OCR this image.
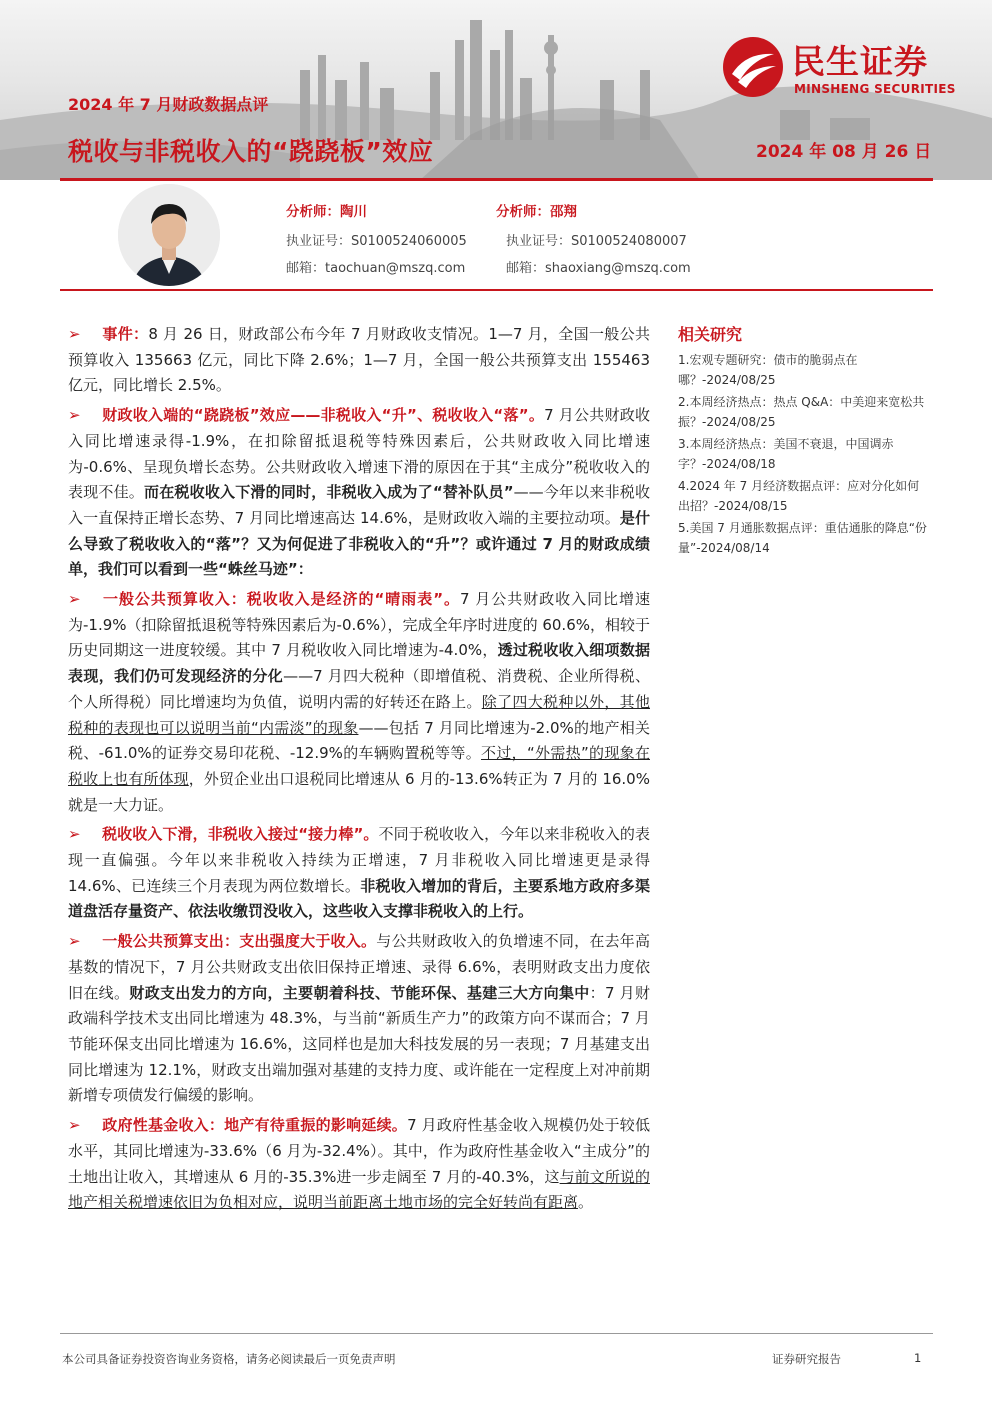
2024 年 7 月财政数据点评
税收与非税收入的“跷跷板”效应	2024 年 08 月 26 日
民生证券
MINSHENG SECURITIES
分析师：陶川
执业证号：S0100524060005
邮箱：taochuan@mszq.com
分析师：邵翔
执业证号：S0100524080007
邮箱：shaoxiang@mszq.com

➢ 事件：8 月 26 日，财政部公布今年 7 月财政收支情况。1—7 月，全国一般公共预算收入 135663 亿元，同比下降 2.6%；1—7 月，全国一般公共预算支出 155463 亿元，同比增长 2.5%。

➢ 财政收入端的“跷跷板”效应——非税收入“升”、税收收入“落”。7 月公共财政收入同比增速录得-1.9%，在扣除留抵退税等特殊因素后，公共财政收入同比增速为-0.6%、呈现负增长态势。公共财政收入增速下滑的原因在于其“主成分”税收收入的表现不佳。而在税收收入下滑的同时，非税收入成为了“替补队员”——今年以来非税收入一直保持正增长态势、7 月同比增速高达 14.6%，是财政收入端的主要拉动项。是什么导致了税收收入的“落”？又为何促进了非税收入的“升”？或许通过 7 月的财政成绩单，我们可以看到一些“蛛丝马迹”：

➢ 一般公共预算收入：税收收入是经济的“晴雨表”。7 月公共财政收入同比增速为-1.9%（扣除留抵退税等特殊因素后为-0.6%），完成全年序时进度的 60.6%，相较于历史同期这一进度较缓。其中 7 月税收收入同比增速为-4.0%，透过税收收入细项数据表现，我们仍可发现经济的分化——7 月四大税种（即增值税、消费税、企业所得税、个人所得税）同比增速均为负值，说明内需的好转还在路上。除了四大税种以外，其他税种的表现也可以说明当前“内需淡”的现象——包括 7 月同比增速为-2.0%的地产相关税、-61.0%的证券交易印花税、-12.9%的车辆购置税等等。不过，“外需热”的现象在税收上也有所体现，外贸企业出口退税同比增速从 6 月的-13.6%转正为 7 月的 16.0%就是一大力证。

➢ 税收收入下滑，非税收入接过“接力棒”。不同于税收收入，今年以来非税收入的表现一直偏强。今年以来非税收入持续为正增速，7 月非税收入同比增速更是录得 14.6%、已连续三个月表现为两位数增长。非税收入增加的背后，主要系地方政府多渠道盘活存量资产、依法收缴罚没收入，这些收入支撑非税收入的上行。

➢ 一般公共预算支出：支出强度大于收入。与公共财政收入的负增速不同，在去年高基数的情况下，7 月公共财政支出依旧保持正增速、录得 6.6%，表明财政支出力度依旧在线。财政支出发力的方向，主要朝着科技、节能环保、基建三大方向集中：7 月财政端科学技术支出同比增速为 48.3%，与当前“新质生产力”的政策方向不谋而合；7 月节能环保支出同比增速为 16.6%，这同样也是加大科技发展的另一表现；7 月基建支出同比增速为 12.1%，财政支出端加强对基建的支持力度、或许能在一定程度上对冲前期新增专项债发行偏缓的影响。

➢ 政府性基金收入：地产有待重振的影响延续。7 月政府性基金收入规模仍处于较低水平，其同比增速为-33.6%（6 月为-32.4%）。其中，作为政府性基金收入“主成分”的土地出让收入，其增速从 6 月的-35.3%进一步走阔至 7 月的-40.3%，这与前文所说的地产相关税增速依旧为负相对应，说明当前距离土地市场的完全好转尚有距离。

相关研究
1.宏观专题研究：债市的脆弱点在哪？-2024/08/25
2.本周经济热点：热点 Q&A：中美迎来宽松共振？-2024/08/25
3.本周经济热点：美国不衰退，中国调赤字？-2024/08/18
4.2024 年 7 月经济数据点评：应对分化如何出招？-2024/08/15
5.美国 7 月通胀数据点评：重估通胀的降息“份量”-2024/08/14
本公司具备证券投资咨询业务资格，请务必阅读最后一页免责声明	证券研究报告	1
